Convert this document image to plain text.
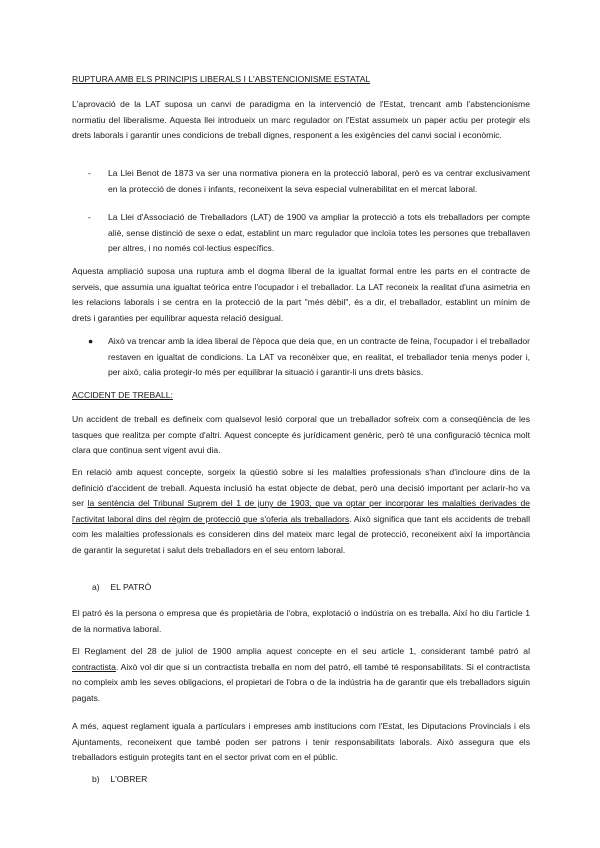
RUPTURA AMB ELS PRINCIPIS LIBERALS I L'ABSTENCIONISME ESTATAL

L'aprovació de la LAT suposa un canvi de paradigma en la intervenció de l'Estat, trencant amb l'abstencionisme normatiu del liberalisme. Aquesta llei introdueix un marc regulador on l'Estat assumeix un paper actiu per protegir els drets laborals i garantir unes condicions de treball dignes, responent a les exigències del canvi social i econòmic.

-	La Llei Benot de 1873 va ser una normativa pionera en la protecció laboral, però es va centrar exclusivament en la protecció de dones i infants, reconeixent la seva especial vulnerabilitat en el mercat laboral.

-	La Llei d'Associació de Treballadors (LAT) de 1900 va ampliar la protecció a tots els treballadors per compte aliè, sense distinció de sexe o edat, establint un marc regulador que incloïa totes les persones que treballaven per altres, i no només col·lectius específics.

Aquesta ampliació suposa una ruptura amb el dogma liberal de la igualtat formal entre les parts en el contracte de serveis, que assumia una igualtat teòrica entre l'ocupador i el treballador. La LAT reconeix la realitat d'una asimetria en les relacions laborals i se centra en la protecció de la part "més dèbil", és a dir, el treballador, establint un mínim de drets i garanties per equilibrar aquesta relació desigual.

●	Això va trencar amb la idea liberal de l'època que deia que, en un contracte de feina, l'ocupador i el treballador restaven en igualtat de condicions. La LAT va reconèixer que, en realitat, el treballador tenia menys poder i, per això, calia protegir-lo més per equilibrar la situació i garantir-li uns drets bàsics.

ACCIDENT DE TREBALL:

Un accident de treball es defineix com qualsevol lesió corporal que un treballador sofreix com a conseqüència de les tasques que realitza per compte d'altri. Aquest concepte és jurídicament genèric, però té una configuració tècnica molt clara que continua sent vigent avui dia.

En relació amb aquest concepte, sorgeix la qüestió sobre si les malalties professionals s'han d'incloure dins de la definició d'accident de treball. Aquesta inclusió ha estat objecte de debat, però una decisió important per aclarir-ho va ser la sentència del Tribunal Suprem del 1 de juny de 1903, que va optar per incorporar les malalties derivades de l'activitat laboral dins del règim de protecció que s'oferia als treballadors. Això significa que tant els accidents de treball com les malalties professionals es consideren dins del mateix marc legal de protecció, reconeixent així la importància de garantir la seguretat i salut dels treballadors en el seu entorn laboral.

a) EL PATRÓ

El patró és la persona o empresa que és propietària de l'obra, explotació o indústria on es treballa. Així ho diu l'article 1 de la normativa laboral.

El Reglament del 28 de juliol de 1900 amplia aquest concepte en el seu article 1, considerant també patró al contractista. Això vol dir que si un contractista treballa en nom del patró, ell també té responsabilitats. Si el contractista no compleix amb les seves obligacions, el propietari de l'obra o de la indústria ha de garantir que els treballadors siguin pagats.

A més, aquest reglament iguala a particulars i empreses amb institucions com l'Estat, les Diputacions Provincials i els Ajuntaments, reconeixent que també poden ser patrons i tenir responsabilitats laborals. Això assegura que els treballadors estiguin protegits tant en el sector privat com en el públic.

b) L'OBRER
